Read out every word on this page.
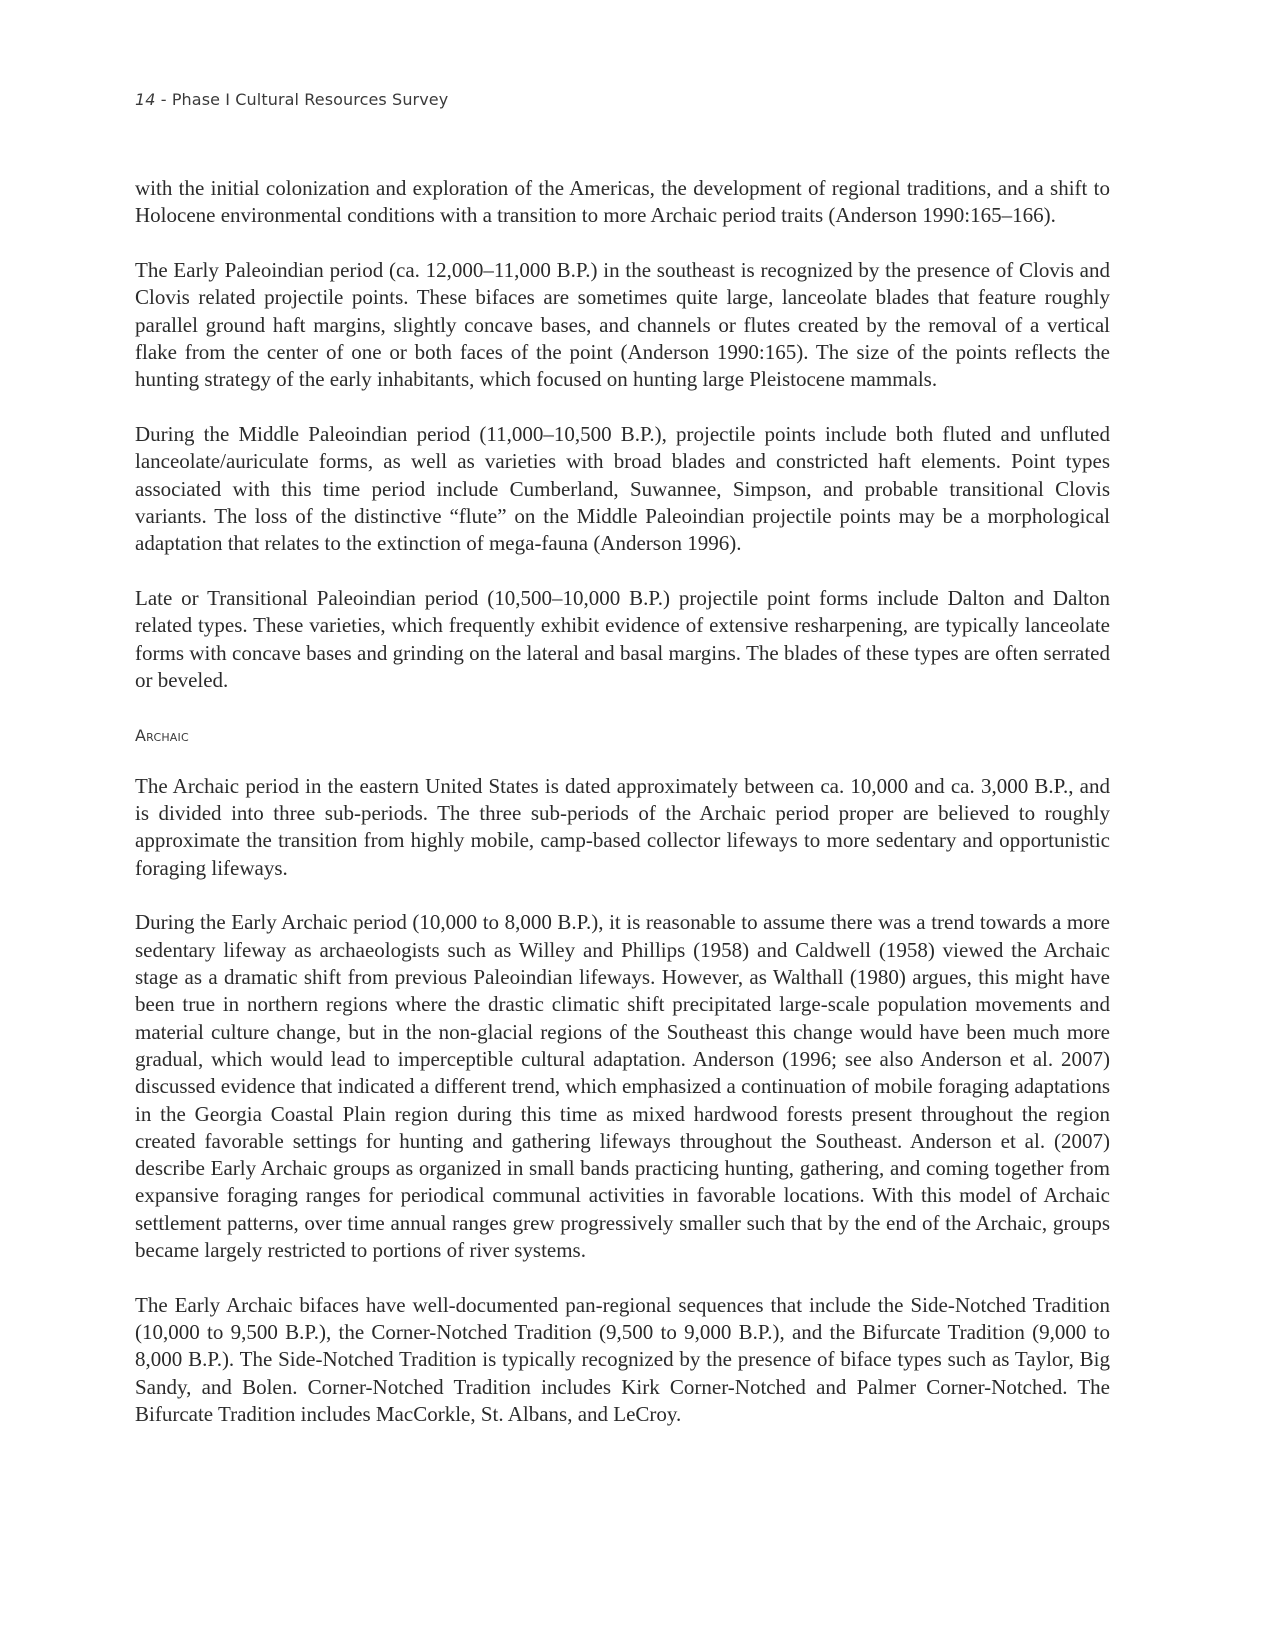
14 - Phase I Cultural Resources Survey

with the initial colonization and exploration of the Americas, the development of regional traditions, and a shift to Holocene environmental conditions with a transition to more Archaic period traits (Anderson 1990:165–166).

The Early Paleoindian period (ca. 12,000–11,000 B.P.) in the southeast is recognized by the presence of Clovis and Clovis related projectile points. These bifaces are sometimes quite large, lanceolate blades that feature roughly parallel ground haft margins, slightly concave bases, and channels or flutes created by the removal of a vertical flake from the center of one or both faces of the point (Anderson 1990:165). The size of the points reflects the hunting strategy of the early inhabitants, which focused on hunting large Pleistocene mammals.

During the Middle Paleoindian period (11,000–10,500 B.P.), projectile points include both fluted and unfluted lanceolate/auriculate forms, as well as varieties with broad blades and constricted haft elements. Point types associated with this time period include Cumberland, Suwannee, Simpson, and probable transitional Clovis variants. The loss of the distinctive “flute” on the Middle Paleoindian projectile points may be a morphological adaptation that relates to the extinction of mega-fauna (Anderson 1996).

Late or Transitional Paleoindian period (10,500–10,000 B.P.) projectile point forms include Dalton and Dalton related types. These varieties, which frequently exhibit evidence of extensive resharpening, are typically lanceolate forms with concave bases and grinding on the lateral and basal margins. The blades of these types are often serrated or beveled.

Archaic

The Archaic period in the eastern United States is dated approximately between ca. 10,000 and ca. 3,000 B.P., and is divided into three sub-periods. The three sub-periods of the Archaic period proper are believed to roughly approximate the transition from highly mobile, camp-based collector lifeways to more sedentary and opportunistic foraging lifeways.

During the Early Archaic period (10,000 to 8,000 B.P.), it is reasonable to assume there was a trend towards a more sedentary lifeway as archaeologists such as Willey and Phillips (1958) and Caldwell (1958) viewed the Archaic stage as a dramatic shift from previous Paleoindian lifeways. However, as Walthall (1980) argues, this might have been true in northern regions where the drastic climatic shift precipitated large-scale population movements and material culture change, but in the non-glacial regions of the Southeast this change would have been much more gradual, which would lead to imperceptible cultural adaptation. Anderson (1996; see also Anderson et al. 2007) discussed evidence that indicated a different trend, which emphasized a continuation of mobile foraging adaptations in the Georgia Coastal Plain region during this time as mixed hardwood forests present throughout the region created favorable settings for hunting and gathering lifeways throughout the Southeast. Anderson et al. (2007) describe Early Archaic groups as organized in small bands practicing hunting, gathering, and coming together from expansive foraging ranges for periodical communal activities in favorable locations. With this model of Archaic settlement patterns, over time annual ranges grew progressively smaller such that by the end of the Archaic, groups became largely restricted to portions of river systems.

The Early Archaic bifaces have well-documented pan-regional sequences that include the Side-Notched Tradition (10,000 to 9,500 B.P.), the Corner-Notched Tradition (9,500 to 9,000 B.P.), and the Bifurcate Tradition (9,000 to 8,000 B.P.). The Side-Notched Tradition is typically recognized by the presence of biface types such as Taylor, Big Sandy, and Bolen. Corner-Notched Tradition includes Kirk Corner-Notched and Palmer Corner-Notched. The Bifurcate Tradition includes MacCorkle, St. Albans, and LeCroy.
